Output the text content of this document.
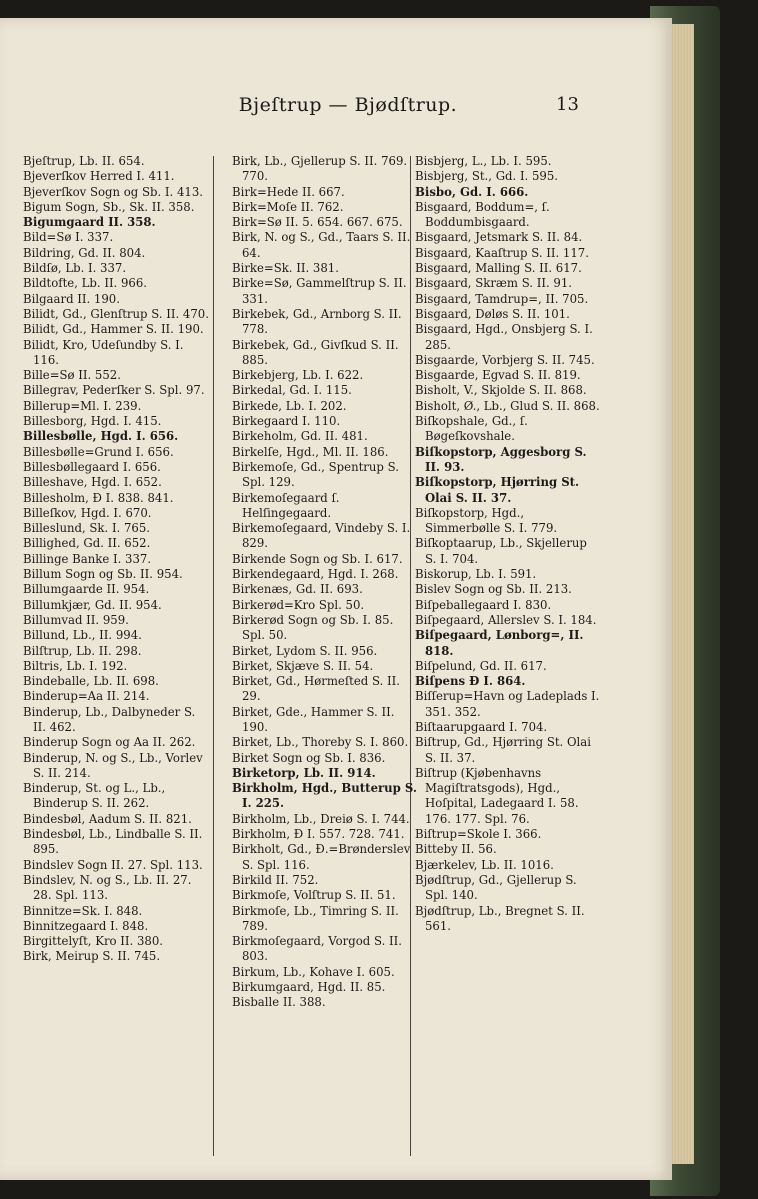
Bjeſtrup — Bjødſtrup.	13
Bjeſtrup, Lb. II. 654.
Bjeverſkov Herred I. 411.
Bjeverſkov Sogn og Sb. I. 413.
Bigum Sogn, Sb., Sk. II. 358.
Bigumgaard II. 358.
Bild=Sø I. 337.
Bildring, Gd. II. 804.
Bildſø, Lb. I. 337.
Bildtofte, Lb. II. 966.
Bilgaard II. 190.
Bilidt, Gd., Glenſtrup S. II. 470.
Bilidt, Gd., Hammer S. II. 190.
Bilidt, Kro, Udeſundby S. I. 116.
Bille=Sø II. 552.
Billegrav, Pederſker S. Spl. 97.
Billerup=Ml. I. 239.
Billesborg, Hgd. I. 415.
Billesbølle, Hgd. I. 656.
Billesbølle=Grund I. 656.
Billesbøllegaard I. 656.
Billeshave, Hgd. I. 652.
Billesholm, Ɖ I. 838. 841.
Billeſkov, Hgd. I. 670.
Billeslund, Sk. I. 765.
Billighed, Gd. II. 652.
Billinge Banke I. 337.
Billum Sogn og Sb. II. 954.
Billumgaarde II. 954.
Billumkjær, Gd. II. 954.
Billumvad II. 959.
Billund, Lb., II. 994.
Bilſtrup, Lb. II. 298.
Biltris, Lb. I. 192.
Bindeballe, Lb. II. 698.
Binderup=Aa II. 214.
Binderup, Lb., Dalbyneder S. II. 462.
Binderup Sogn og Aa II. 262.
Binderup, N. og S., Lb., Vorlev S. II. 214.
Binderup, St. og L., Lb., Binderup S. II. 262.
Bindesbøl, Aadum S. II. 821.
Bindesbøl, Lb., Lindballe S. II. 895.
Bindslev Sogn II. 27. Spl. 113.
Bindslev, N. og S., Lb. II. 27. 28. Spl. 113.
Binnitze=Sk. I. 848.
Binnitzegaard I. 848.
Birgittelyſt, Kro II. 380.
Birk, Meirup S. II. 745.
Birk, Lb., Gjellerup S. II. 769. 770.
Birk=Hede II. 667.
Birk=Moſe II. 762.
Birk=Sø II. 5. 654. 667. 675.
Birk, N. og S., Gd., Taars S. II. 64.
Birke=Sk. II. 381.
Birke=Sø, Gammelſtrup S. II. 331.
Birkebek, Gd., Arnborg S. II. 778.
Birkebek, Gd., Givſkud S. II. 885.
Birkebjerg, Lb. I. 622.
Birkedal, Gd. I. 115.
Birkede, Lb. I. 202.
Birkegaard I. 110.
Birkeholm, Gd. II. 481.
Birkelſe, Hgd., Ml. II. 186.
Birkemoſe, Gd., Spentrup S. Spl. 129.
Birkemoſegaard ſ. Helſingegaard.
Birkemoſegaard, Vindeby S. I. 829.
Birkende Sogn og Sb. I. 617.
Birkendegaard, Hgd. I. 268.
Birkenæs, Gd. II. 693.
Birkerød=Kro Spl. 50.
Birkerød Sogn og Sb. I. 85. Spl. 50.
Birket, Lydom S. II. 956.
Birket, Skjæve S. II. 54.
Birket, Gd., Hørmeſted S. II. 29.
Birket, Gde., Hammer S. II. 190.
Birket, Lb., Thoreby S. I. 860.
Birket Sogn og Sb. I. 836.
Birketorp, Lb. II. 914.
Birkholm, Hgd., Butterup S. I. 225.
Birkholm, Lb., Dreiø S. I. 744.
Birkholm, Ɖ I. 557. 728. 741.
Birkholt, Gd., Ɖ.=Brønderslev S. Spl. 116.
Birkild II. 752.
Birkmoſe, Volſtrup S. II. 51.
Birkmoſe, Lb., Timring S. II. 789.
Birkmoſegaard, Vorgod S. II. 803.
Birkum, Lb., Kohave I. 605.
Birkumgaard, Hgd. II. 85.
Bisballe II. 388.
Bisbjerg, L., Lb. I. 595.
Bisbjerg, St., Gd. I. 595.
Bisbo, Gd. I. 666.
Bisgaard, Boddum=, ſ. Boddumbisgaard.
Bisgaard, Jetsmark S. II. 84.
Bisgaard, Kaaſtrup S. II. 117.
Bisgaard, Malling S. II. 617.
Bisgaard, Skræm S. II. 91.
Bisgaard, Tamdrup=, II. 705.
Bisgaard, Døløs S. II. 101.
Bisgaard, Hgd., Onsbjerg S. I. 285.
Bisgaarde, Vorbjerg S. II. 745.
Bisgaarde, Egvad S. II. 819.
Bisholt, V., Skjolde S. II. 868.
Bisholt, Ø., Lb., Glud S. II. 868.
Biſkopshale, Gd., ſ. Bøgeſkovshale.
Biſkopstorp, Aggesborg S. II. 93.
Biſkopstorp, Hjørring St. Olai S. II. 37.
Biſkopstorp, Hgd., Simmerbølle S. I. 779.
Biſkoptaarup, Lb., Skjellerup S. I. 704.
Biskorup, Lb. I. 591.
Bislev Sogn og Sb. II. 213.
Biſpeballegaard I. 830.
Biſpegaard, Allerslev S. I. 184.
Biſpegaard, Lønborg=, II. 818.
Biſpelund, Gd. II. 617.
Biſpens Ɖ I. 864.
Biſſerup=Havn og Ladeplads I. 351. 352.
Biſtaarupgaard I. 704.
Biſtrup, Gd., Hjørring St. Olai S. II. 37.
Biſtrup (Kjøbenhavns Magiſtratsgods), Hgd., Hoſpital, Ladegaard I. 58. 176. 177. Spl. 76.
Biſtrup=Skole I. 366.
Bitteby II. 56.
Bjærkelev, Lb. II. 1016.
Bjødſtrup, Gd., Gjellerup S. Spl. 140.
Bjødſtrup, Lb., Bregnet S. II. 561.
